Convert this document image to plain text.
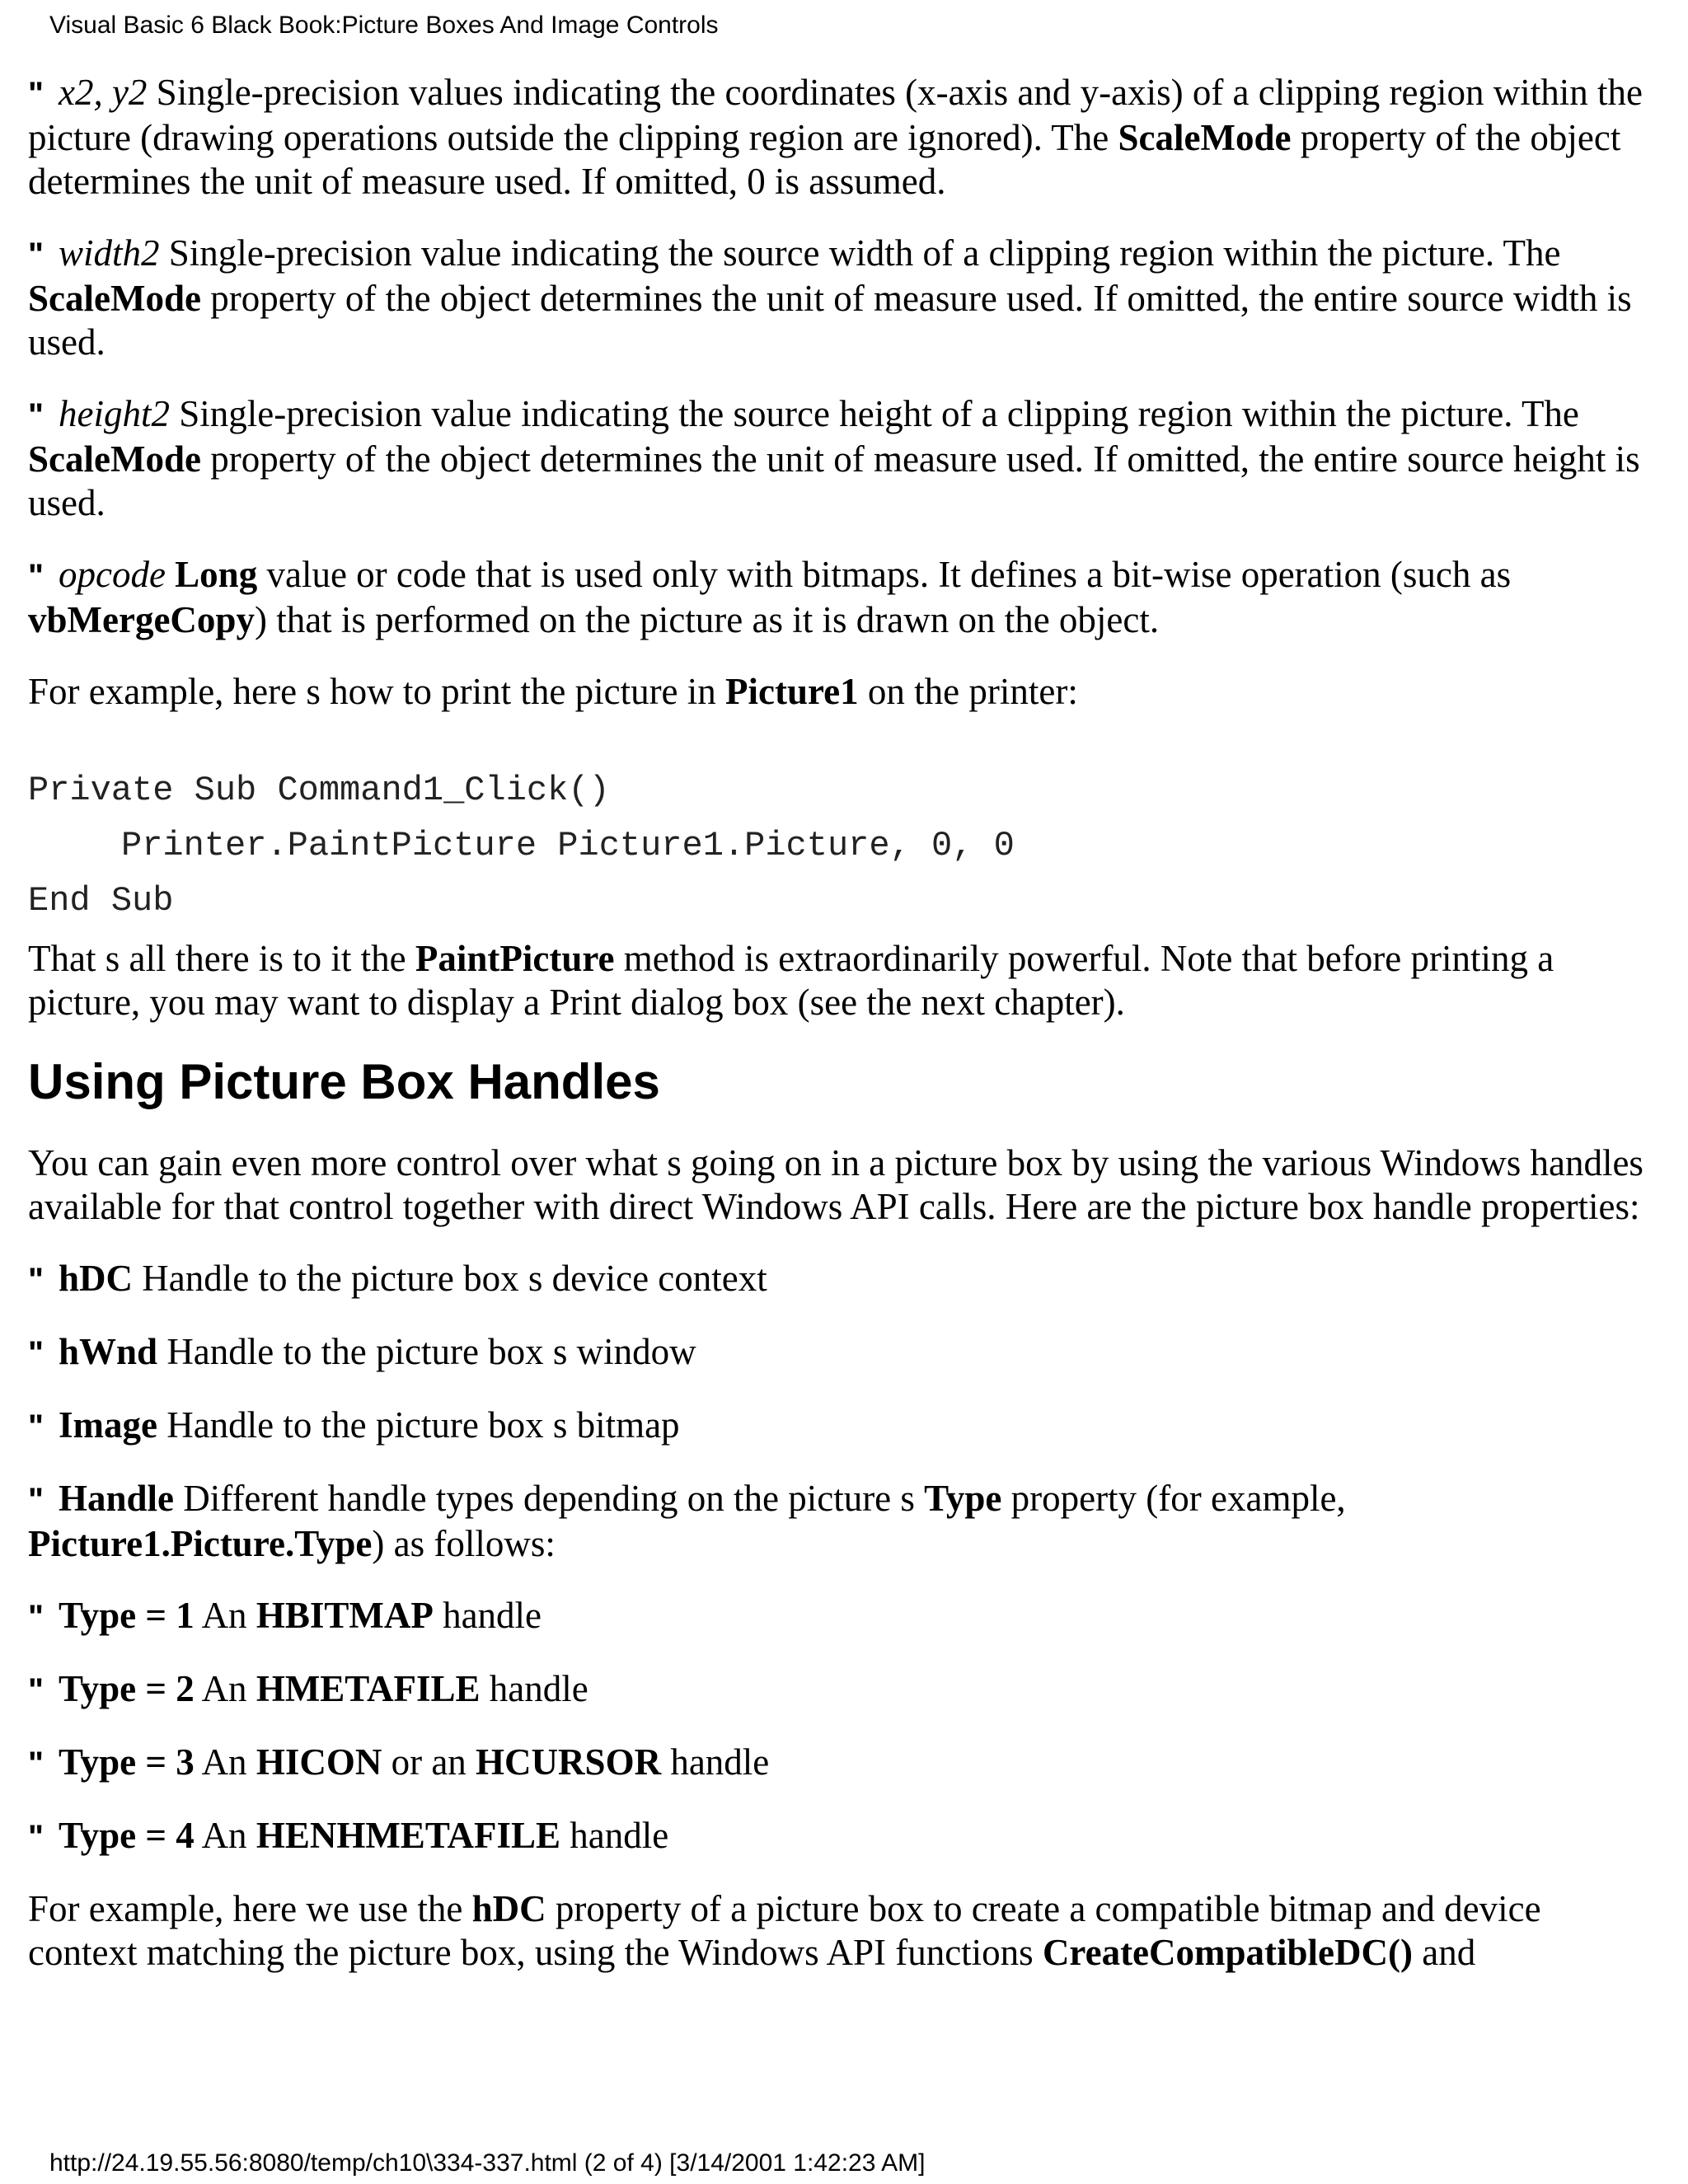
Visual Basic 6 Black Book:Picture Boxes And Image Controls

" x2, y2 Single-precision values indicating the coordinates (x-axis and y-axis) of a clipping region within the picture (drawing operations outside the clipping region are ignored). The ScaleMode property of the object determines the unit of measure used. If omitted, 0 is assumed.

" width2 Single-precision value indicating the source width of a clipping region within the picture. The ScaleMode property of the object determines the unit of measure used. If omitted, the entire source width is used.

" height2 Single-precision value indicating the source height of a clipping region within the picture. The ScaleMode property of the object determines the unit of measure used. If omitted, the entire source height is used.

" opcode Long value or code that is used only with bitmaps. It defines a bit-wise operation (such as vbMergeCopy) that is performed on the picture as it is drawn on the object.

For example, here s how to print the picture in Picture1 on the printer:

Private Sub Command1_Click()
Printer.PaintPicture Picture1.Picture, 0, 0
End Sub

That s all there is to it the PaintPicture method is extraordinarily powerful. Note that before printing a picture, you may want to display a Print dialog box (see the next chapter).

Using Picture Box Handles

You can gain even more control over what s going on in a picture box by using the various Windows handles available for that control together with direct Windows API calls. Here are the picture box handle properties:

" hDC Handle to the picture box s device context

" hWnd Handle to the picture box s window

" Image Handle to the picture box s bitmap

" Handle Different handle types depending on the picture s Type property (for example, Picture1.Picture.Type) as follows:

" Type = 1 An HBITMAP handle

" Type = 2 An HMETAFILE handle

" Type = 3 An HICON or an HCURSOR handle

" Type = 4 An HENHMETAFILE handle

For example, here we use the hDC property of a picture box to create a compatible bitmap and device context matching the picture box, using the Windows API functions CreateCompatibleDC() and

http://24.19.55.56:8080/temp/ch10\334-337.html (2 of 4) [3/14/2001 1:42:23 AM]
